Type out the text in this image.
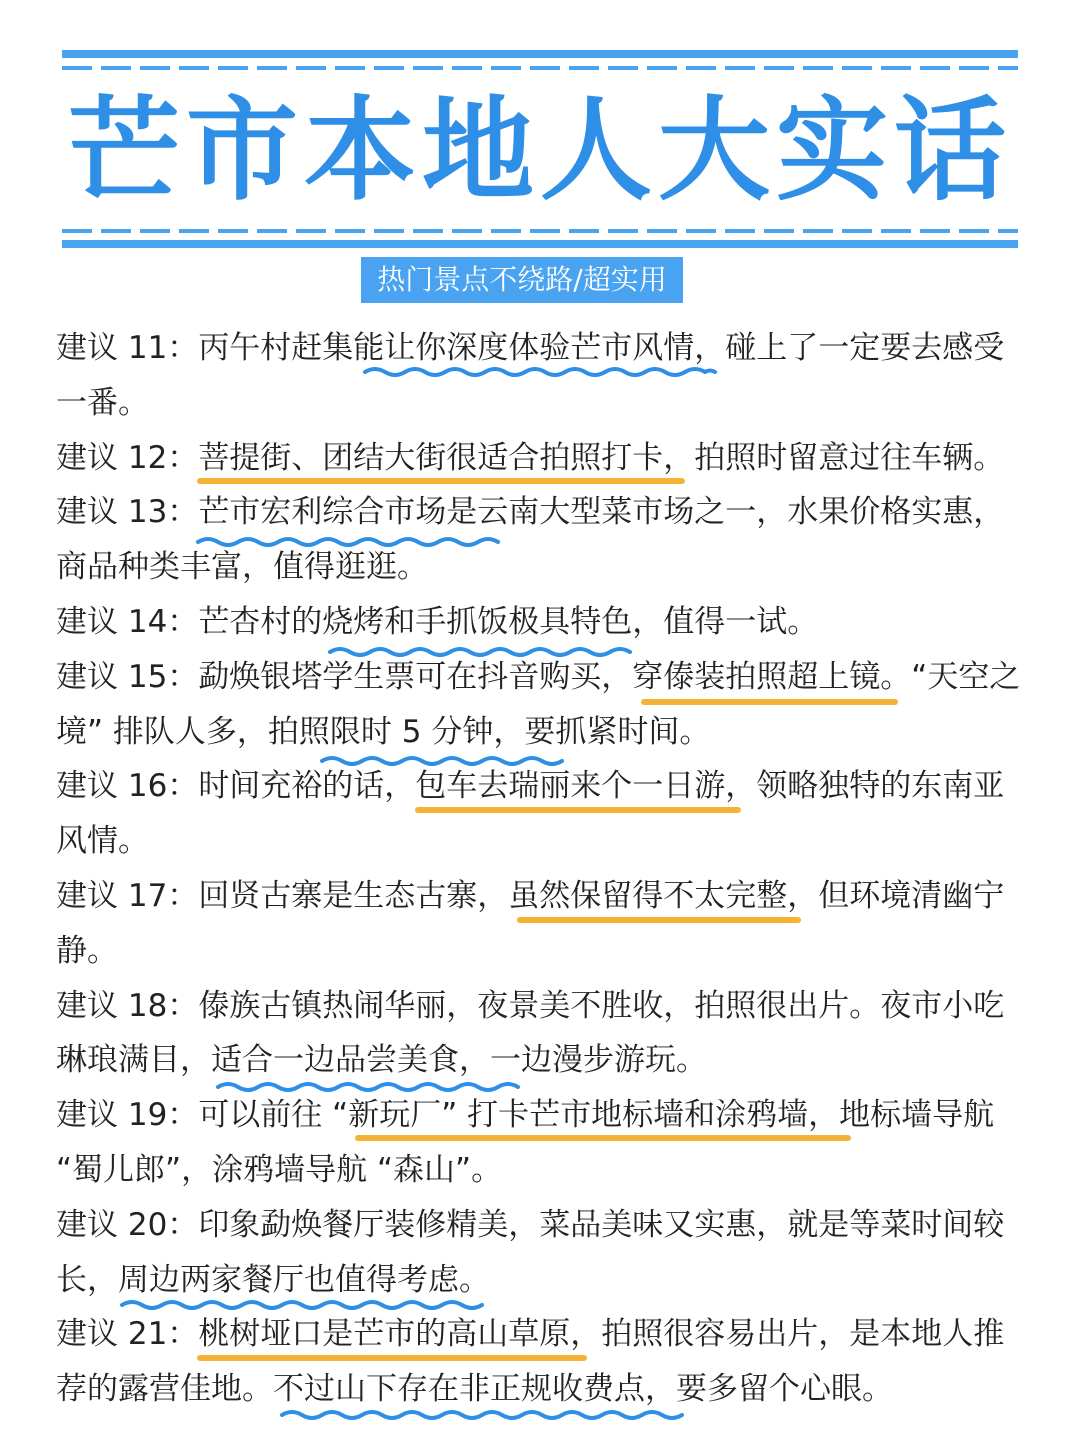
芒市本地人大实话
热门景点不绕路/超实用

建议 11：丙午村赶集能让你深度体验芒市风情，碰上了一定要去感受一番。

建议 12：菩提街、团结大街很适合拍照打卡，拍照时留意过往车辆。

建议 13：芒市宏利综合市场是云南大型菜市场之一，水果价格实惠，商品种类丰富，值得逛逛。

建议 14：芒杏村的烧烤和手抓饭极具特色，值得一试。

建议 15：勐焕银塔学生票可在抖音购买，穿傣装拍照超上镜。“天空之境” 排队人多，拍照限时 5 分钟，要抓紧时间。

建议 16：时间充裕的话，包车去瑞丽来个一日游，领略独特的东南亚风情。

建议 17：回贤古寨是生态古寨，虽然保留得不太完整，但环境清幽宁静。

建议 18：傣族古镇热闹华丽，夜景美不胜收，拍照很出片。夜市小吃琳琅满目，适合一边品尝美食，一边漫步游玩。

建议 19：可以前往 “新玩厂” 打卡芒市地标墙和涂鸦墙，地标墙导航 “蜀儿郎”，涂鸦墙导航 “森山”。

建议 20：印象勐焕餐厅装修精美，菜品美味又实惠，就是等菜时间较长，周边两家餐厅也值得考虑。

建议 21：桃树垭口是芒市的高山草原，拍照很容易出片，是本地人推荐的露营佳地。不过山下存在非正规收费点，要多留个心眼。
